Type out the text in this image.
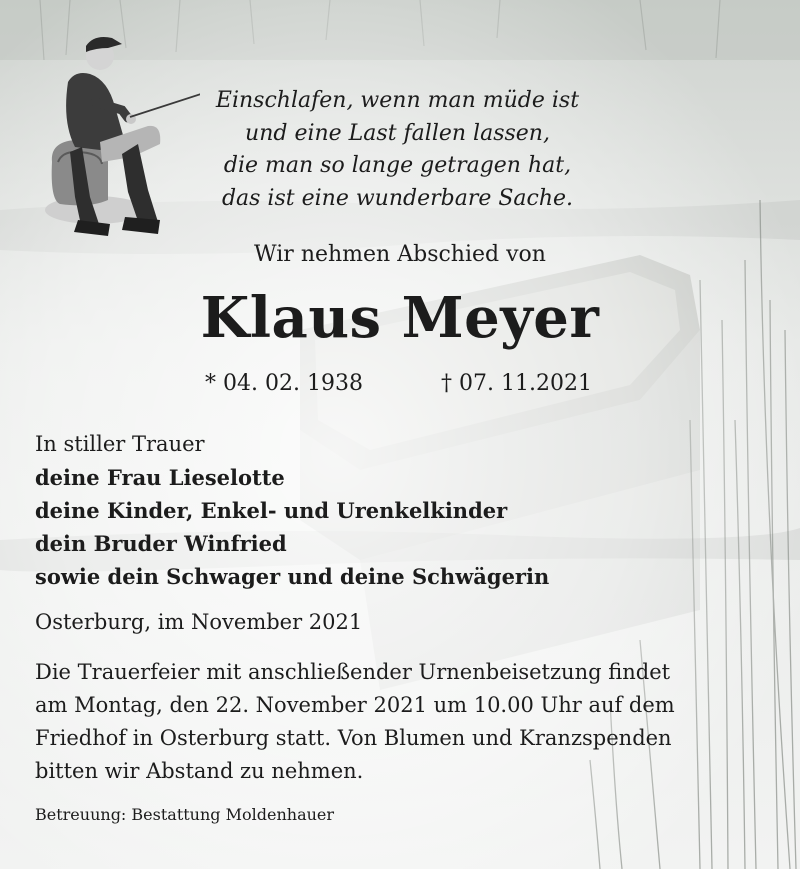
Einschlafen, wenn man müde ist
und eine Last fallen lassen,
die man so lange getragen hat,
das ist eine wunderbare Sache.
Wir nehmen Abschied von
Klaus Meyer
* 04. 02. 1938	† 07. 11.2021
In stiller Trauer
deine Frau Lieselotte
deine Kinder, Enkel- und Urenkelkinder
dein Bruder Winfried
sowie dein Schwager und deine Schwägerin
Osterburg, im November 2021
Die Trauerfeier mit anschließender Urnenbeisetzung findet
am Montag, den 22. November 2021 um 10.00 Uhr auf dem
Friedhof in Osterburg statt. Von Blumen und Kranzspenden
bitten wir Abstand zu nehmen.
Betreuung: Bestattung Moldenhauer
